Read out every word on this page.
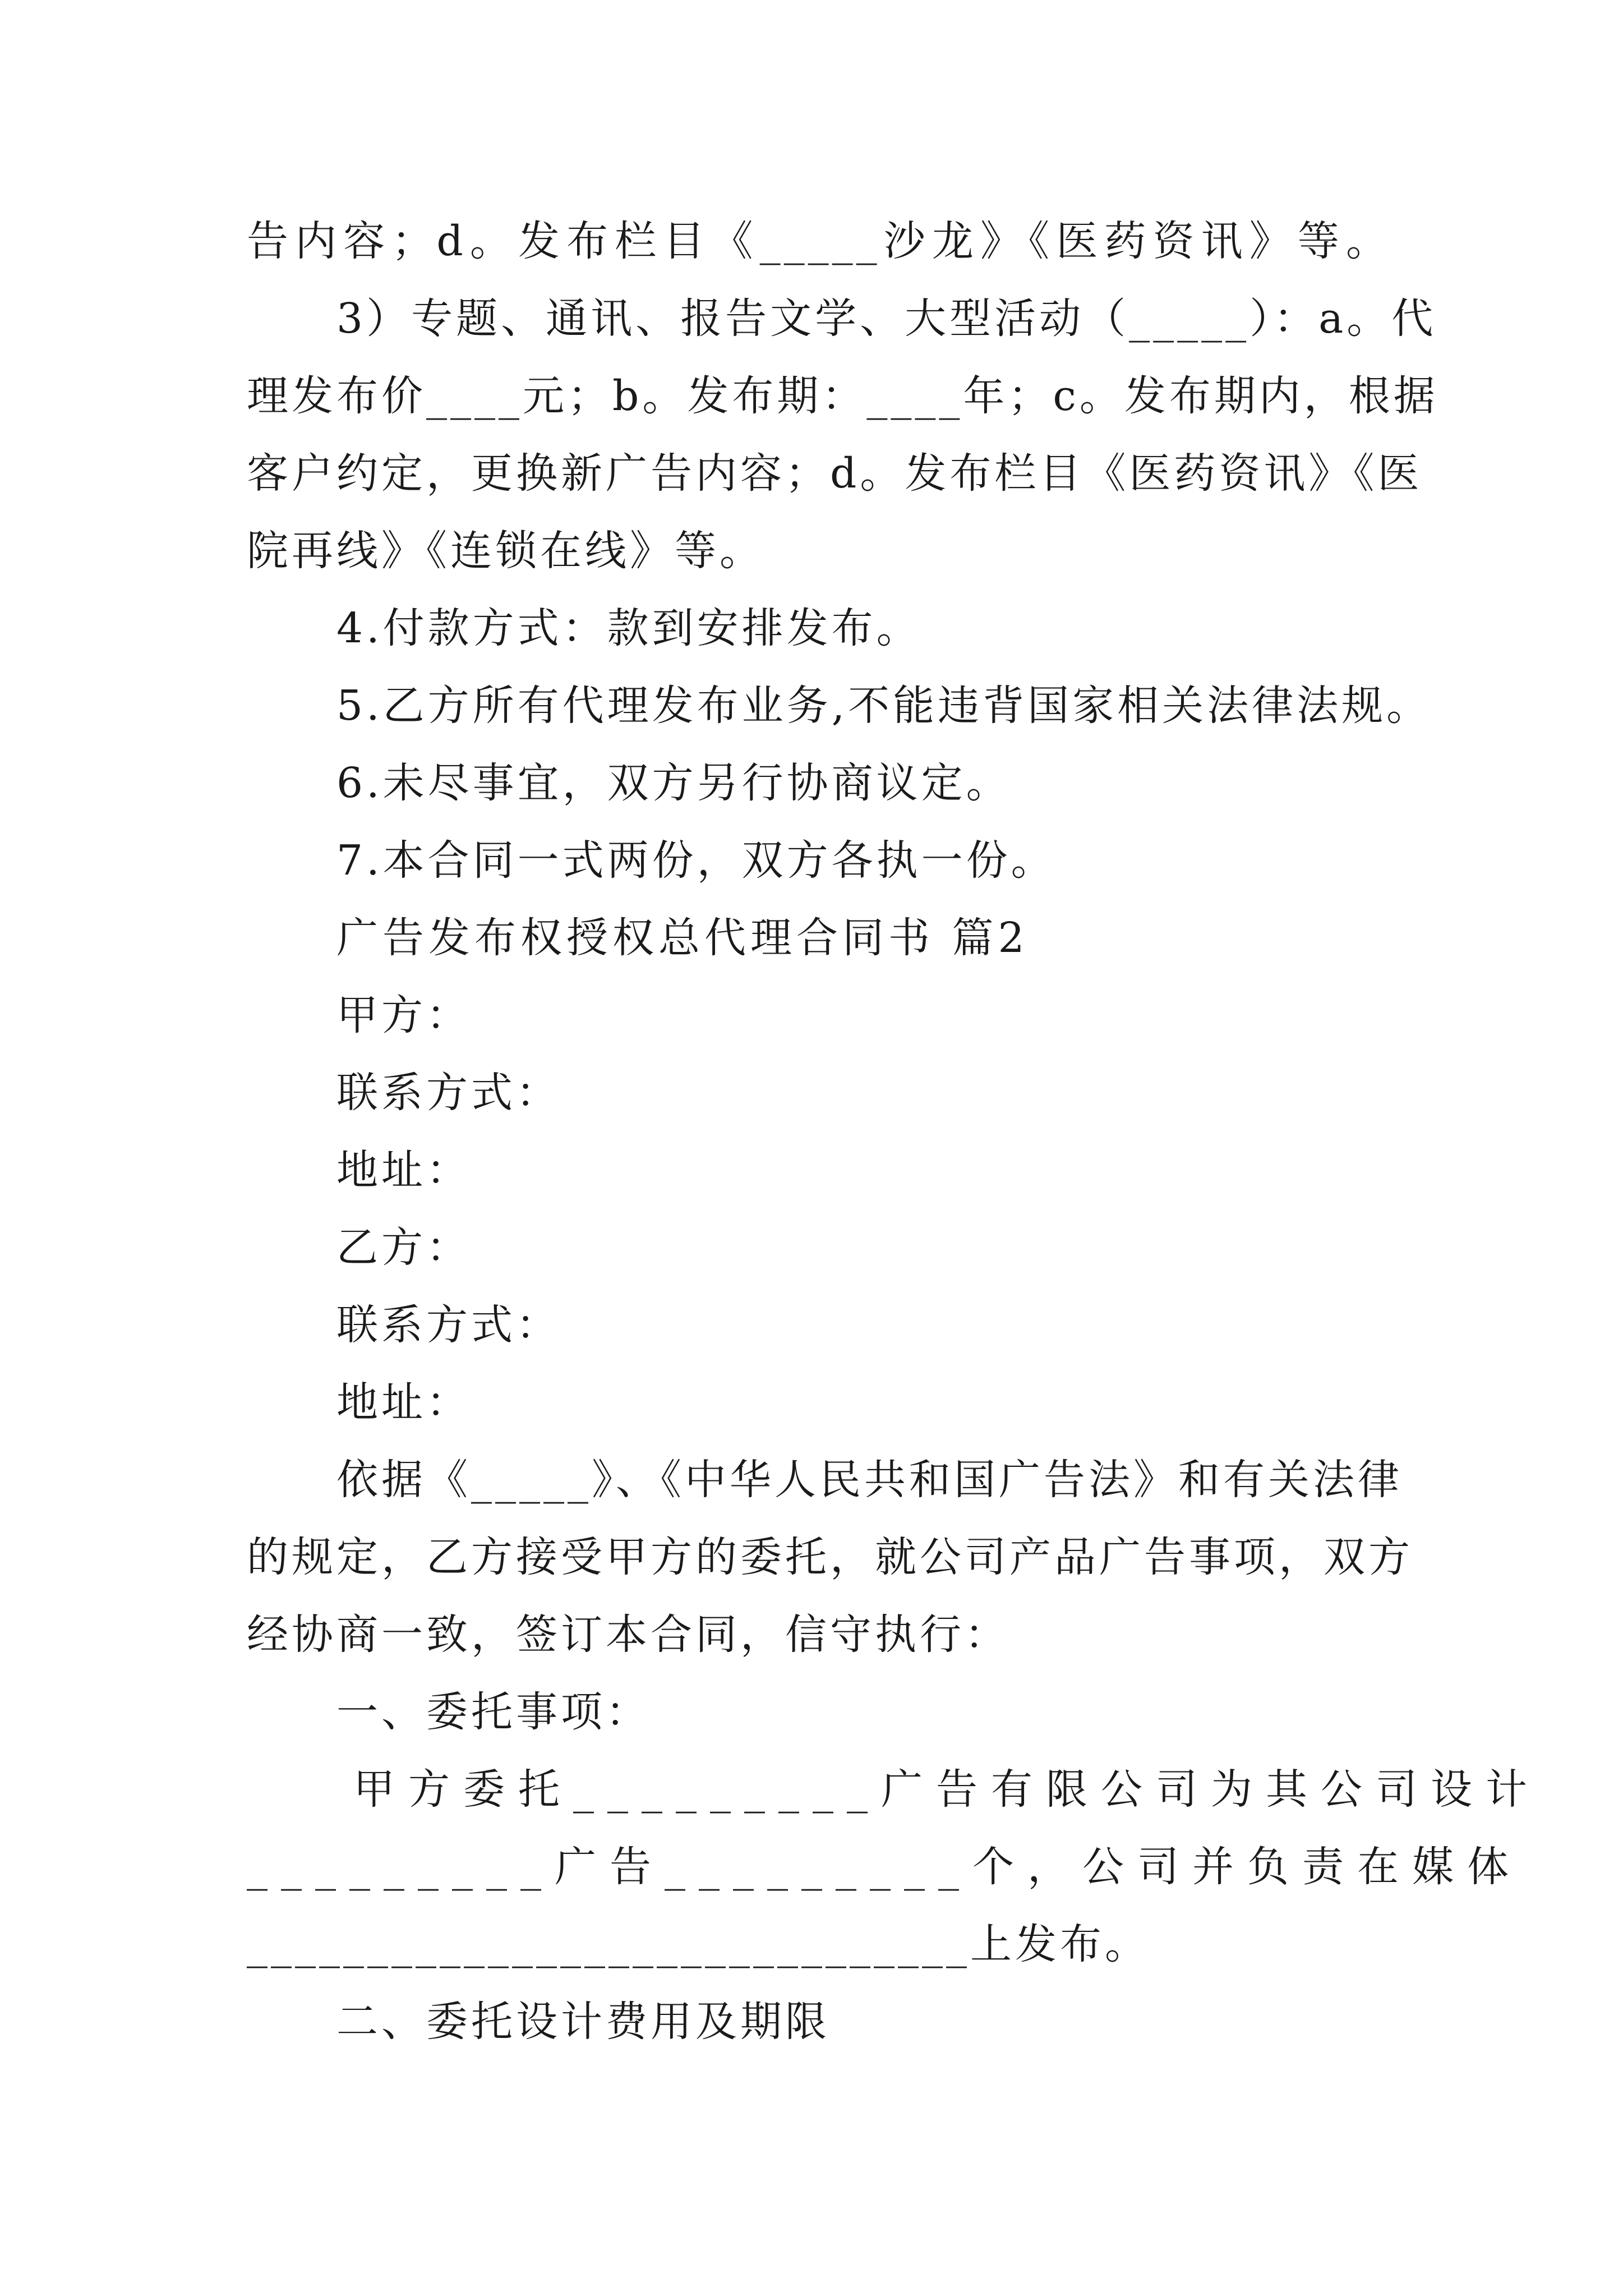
告内容；d。发布栏目《_____沙龙》《医药资讯》等。
3）专题、通讯、报告文学、大型活动（_____）：a。代
理发布价____元；b。发布期：____年；c。发布期内，根据
客户约定，更换新广告内容；d。发布栏目《医药资讯》《医
院再线》《连锁在线》等。
4.付款方式：款到安排发布。
5.乙方所有代理发布业务,不能违背国家相关法律法规。
6.未尽事宜，双方另行协商议定。
7.本合同一式两份，双方各执一份。
广告发布权授权总代理合同书 篇2
甲方：
联系方式：
地址：
乙方：
联系方式：
地址：
依据《_____》、《中华人民共和国广告法》和有关法律
的规定，乙方接受甲方的委托，就公司产品广告事项，双方
经协商一致，签订本合同，信守执行：
一、委托事项：
甲方委托_________广告有限公司为其公司设计
_________广告_________个，公司并负责在媒体
______________________________上发布。
二、委托设计费用及期限
